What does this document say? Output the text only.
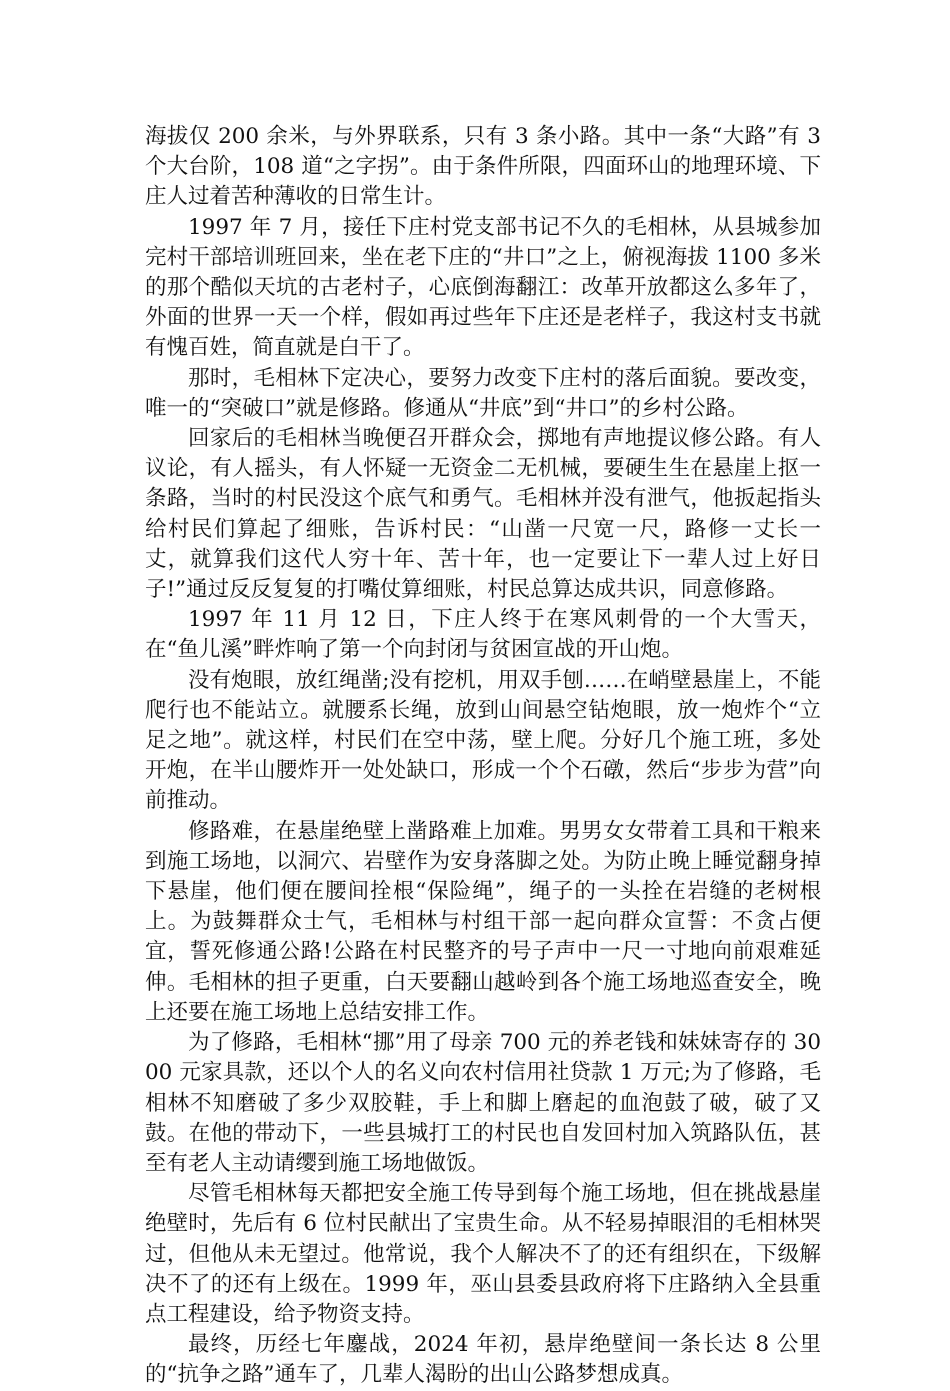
海拔仅 200 余米，与外界联系，只有 3 条小路。其中一条“大路”有 3 个大台阶，108 道“之字拐”。由于条件所限，四面环山的地理环境、下庄人过着苦种薄收的日常生计。

1997 年 7 月，接任下庄村党支部书记不久的毛相林，从县城参加完村干部培训班回来，坐在老下庄的“井口”之上，俯视海拔 1100 多米的那个酷似天坑的古老村子，心底倒海翻江：改革开放都这么多年了，外面的世界一天一个样，假如再过些年下庄还是老样子，我这村支书就有愧百姓，简直就是白干了。

那时，毛相林下定决心，要努力改变下庄村的落后面貌。要改变，唯一的“突破口”就是修路。修通从“井底”到“井口”的乡村公路。

回家后的毛相林当晚便召开群众会，掷地有声地提议修公路。有人议论，有人摇头，有人怀疑一无资金二无机械，要硬生生在悬崖上抠一条路，当时的村民没这个底气和勇气。毛相林并没有泄气，他扳起指头给村民们算起了细账，告诉村民：“山凿一尺宽一尺，路修一丈长一丈，就算我们这代人穷十年、苦十年，也一定要让下一辈人过上好日子!”通过反反复复的打嘴仗算细账，村民总算达成共识，同意修路。

1997 年 11 月 12 日，下庄人终于在寒风刺骨的一个大雪天，在“鱼儿溪”畔炸响了第一个向封闭与贫困宣战的开山炮。

没有炮眼，放红绳凿;没有挖机，用双手刨……在峭壁悬崖上，不能爬行也不能站立。就腰系长绳，放到山间悬空钻炮眼，放一炮炸个“立足之地”。就这样，村民们在空中荡，壁上爬。分好几个施工班，多处开炮，在半山腰炸开一处处缺口，形成一个个石礅，然后“步步为营”向前推动。

修路难，在悬崖绝壁上凿路难上加难。男男女女带着工具和干粮来到施工场地，以洞穴、岩壁作为安身落脚之处。为防止晚上睡觉翻身掉下悬崖，他们便在腰间拴根“保险绳”，绳子的一头拴在岩缝的老树根上。为鼓舞群众士气，毛相林与村组干部一起向群众宣誓：不贪占便宜，誓死修通公路!公路在村民整齐的号子声中一尺一寸地向前艰难延伸。毛相林的担子更重，白天要翻山越岭到各个施工场地巡查安全，晚上还要在施工场地上总结安排工作。

为了修路，毛相林“挪”用了母亲 700 元的养老钱和妹妹寄存的 3000 元家具款，还以个人的名义向农村信用社贷款 1 万元;为了修路，毛相林不知磨破了多少双胶鞋，手上和脚上磨起的血泡鼓了破，破了又鼓。在他的带动下，一些县城打工的村民也自发回村加入筑路队伍，甚至有老人主动请缨到施工场地做饭。

尽管毛相林每天都把安全施工传导到每个施工场地，但在挑战悬崖绝壁时，先后有 6 位村民献出了宝贵生命。从不轻易掉眼泪的毛相林哭过，但他从未无望过。他常说，我个人解决不了的还有组织在，下级解决不了的还有上级在。1999 年，巫山县委县政府将下庄路纳入全县重点工程建设，给予物资支持。

最终，历经七年鏖战，2024 年初，悬岸绝壁间一条长达 8 公里的“抗争之路”通车了，几辈人渴盼的出山公路梦想成真。
